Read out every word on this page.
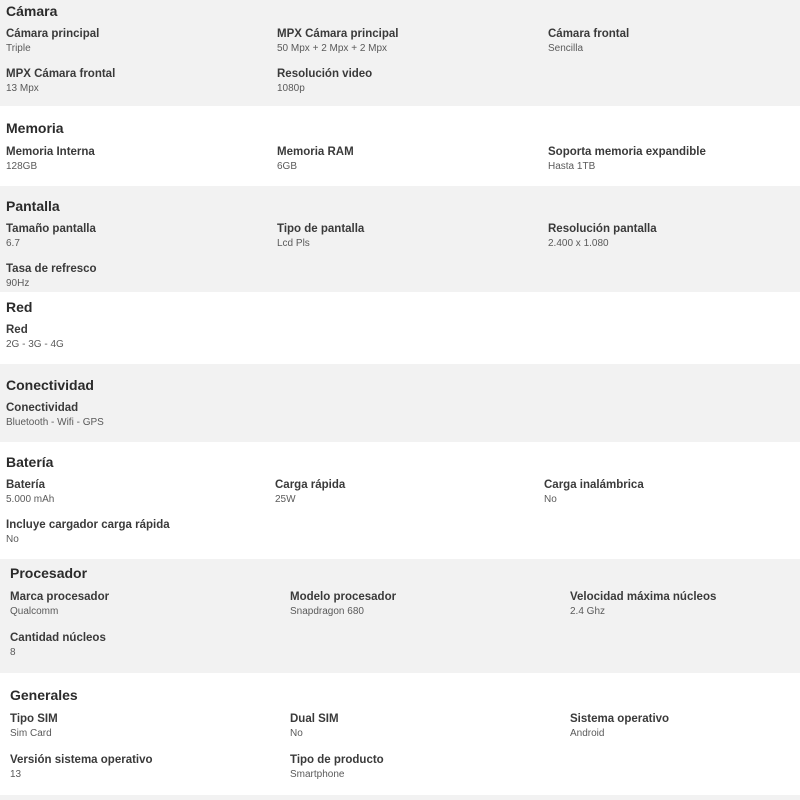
Cámara
Cámara principal
Triple
MPX Cámara principal
50 Mpx + 2 Mpx + 2 Mpx
Cámara frontal
Sencilla
MPX Cámara frontal
13 Mpx
Resolución video
1080p
Memoria
Memoria Interna
128GB
Memoria RAM
6GB
Soporta memoria expandible
Hasta 1TB
Pantalla
Tamaño pantalla
6.7
Tipo de pantalla
Lcd Pls
Resolución pantalla
2.400 x 1.080
Tasa de refresco
90Hz
Red
Red
2G - 3G - 4G
Conectividad
Conectividad
Bluetooth - Wifi - GPS
Batería
Batería
5.000 mAh
Carga rápida
25W
Carga inalámbrica
No
Incluye cargador carga rápida
No
Procesador
Marca procesador
Qualcomm
Modelo procesador
Snapdragon 680
Velocidad máxima núcleos
2.4 Ghz
Cantidad núcleos
8
Generales
Tipo SIM
Sim Card
Dual SIM
No
Sistema operativo
Android
Versión sistema operativo
13
Tipo de producto
Smartphone
